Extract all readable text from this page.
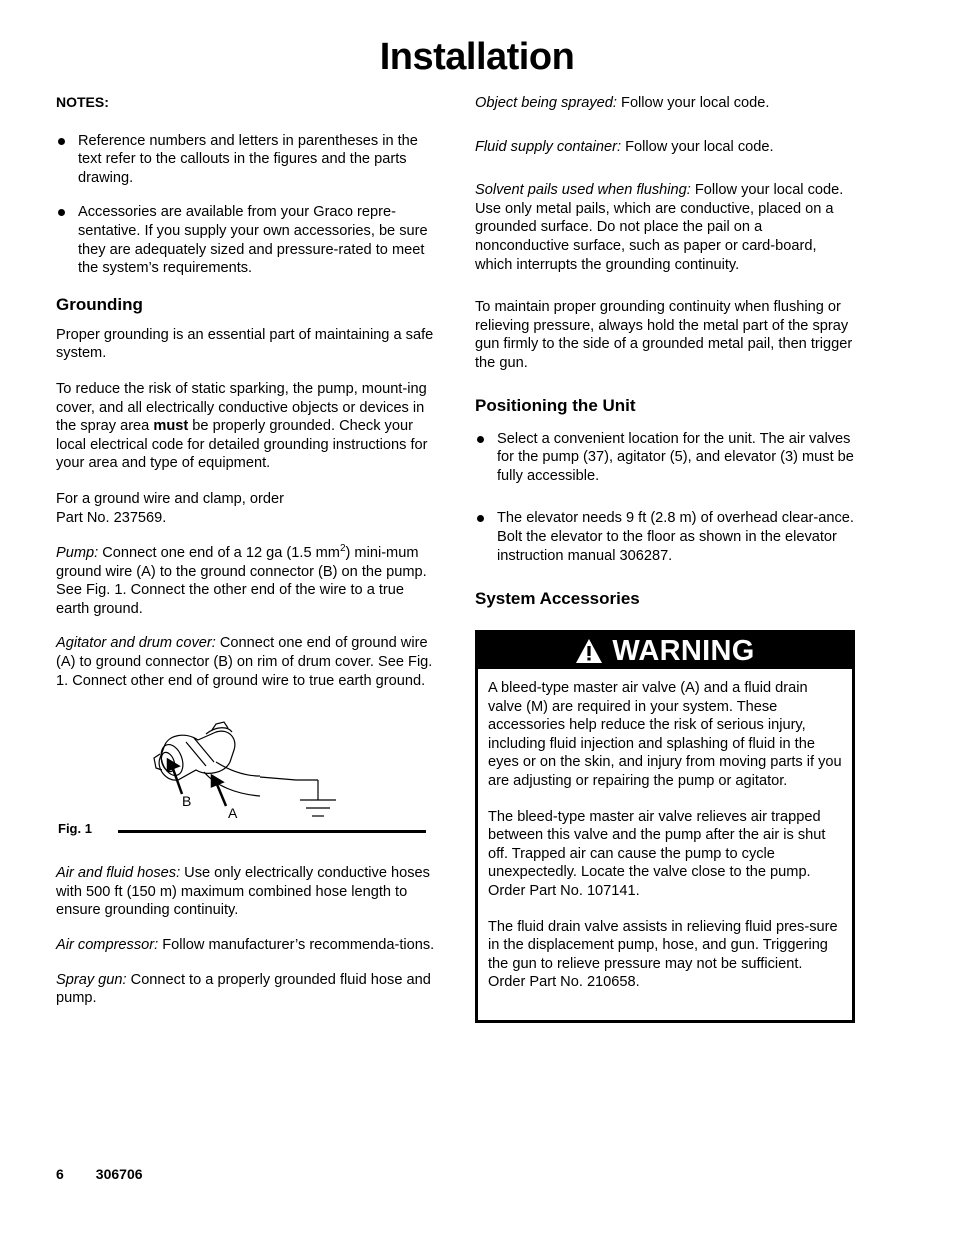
Installation
NOTES:
Reference numbers and letters in parentheses in the text refer to the callouts in the figures and the parts drawing.
Accessories are available from your Graco repre-sentative. If you supply your own accessories, be sure they are adequately sized and pressure-rated to meet the system’s requirements.
Grounding

Proper grounding is an essential part of maintaining a safe system.

To reduce the risk of static sparking, the pump, mount-ing cover, and all electrically conductive objects or devices in the spray area must be properly grounded. Check your local electrical code for detailed grounding instructions for your area and type of equipment.

For a ground wire and clamp, order
Part No. 237569.

Pump: Connect one end of a 12 ga (1.5 $mm^2$) mini-mum ground wire (A) to the ground connector (B) on the pump. See Fig. 1. Connect the other end of the wire to a true earth ground.

Agitator and drum cover: Connect one end of ground wire (A) to ground connector (B) on rim of drum cover. See Fig. 1. Connect other end of ground wire to true earth ground.

B
A
Fig. 1

Air and fluid hoses: Use only electrically conductive hoses with 500 ft (150 m) maximum combined hose length to ensure grounding continuity.

Air compressor: Follow manufacturer’s recommenda-tions.

Spray gun: Connect to a properly grounded fluid hose and pump.

Object being sprayed: Follow your local code.

Fluid supply container: Follow your local code.

Solvent pails used when flushing: Follow your local code. Use only metal pails, which are conductive, placed on a grounded surface. Do not place the pail on a nonconductive surface, such as paper or card-board, which interrupts the grounding continuity.

To maintain proper grounding continuity when flushing or relieving pressure, always hold the metal part of the spray gun firmly to the side of a grounded metal pail, then trigger the gun.

Positioning the Unit
Select a convenient location for the unit. The air valves for the pump (37), agitator (5), and elevator (3) must be fully accessible.
The elevator needs 9 ft (2.8 m) of overhead clear-ance. Bolt the elevator to the floor as shown in the elevator instruction manual 306287.
System Accessories
WARNING

A bleed-type master air valve (A) and a fluid drain valve (M) are required in your system. These accessories help reduce the risk of serious injury, including fluid injection and splashing of fluid in the eyes or on the skin, and injury from moving parts if you are adjusting or repairing the pump or agitator.

The bleed-type master air valve relieves air trapped between this valve and the pump after the air is shut off. Trapped air can cause the pump to cycle unexpectedly. Locate the valve close to the pump. Order Part No. 107141.

The fluid drain valve assists in relieving fluid pres-sure in the displacement pump, hose, and gun. Triggering the gun to relieve pressure may not be sufficient. Order Part No. 210658.

6 306706
